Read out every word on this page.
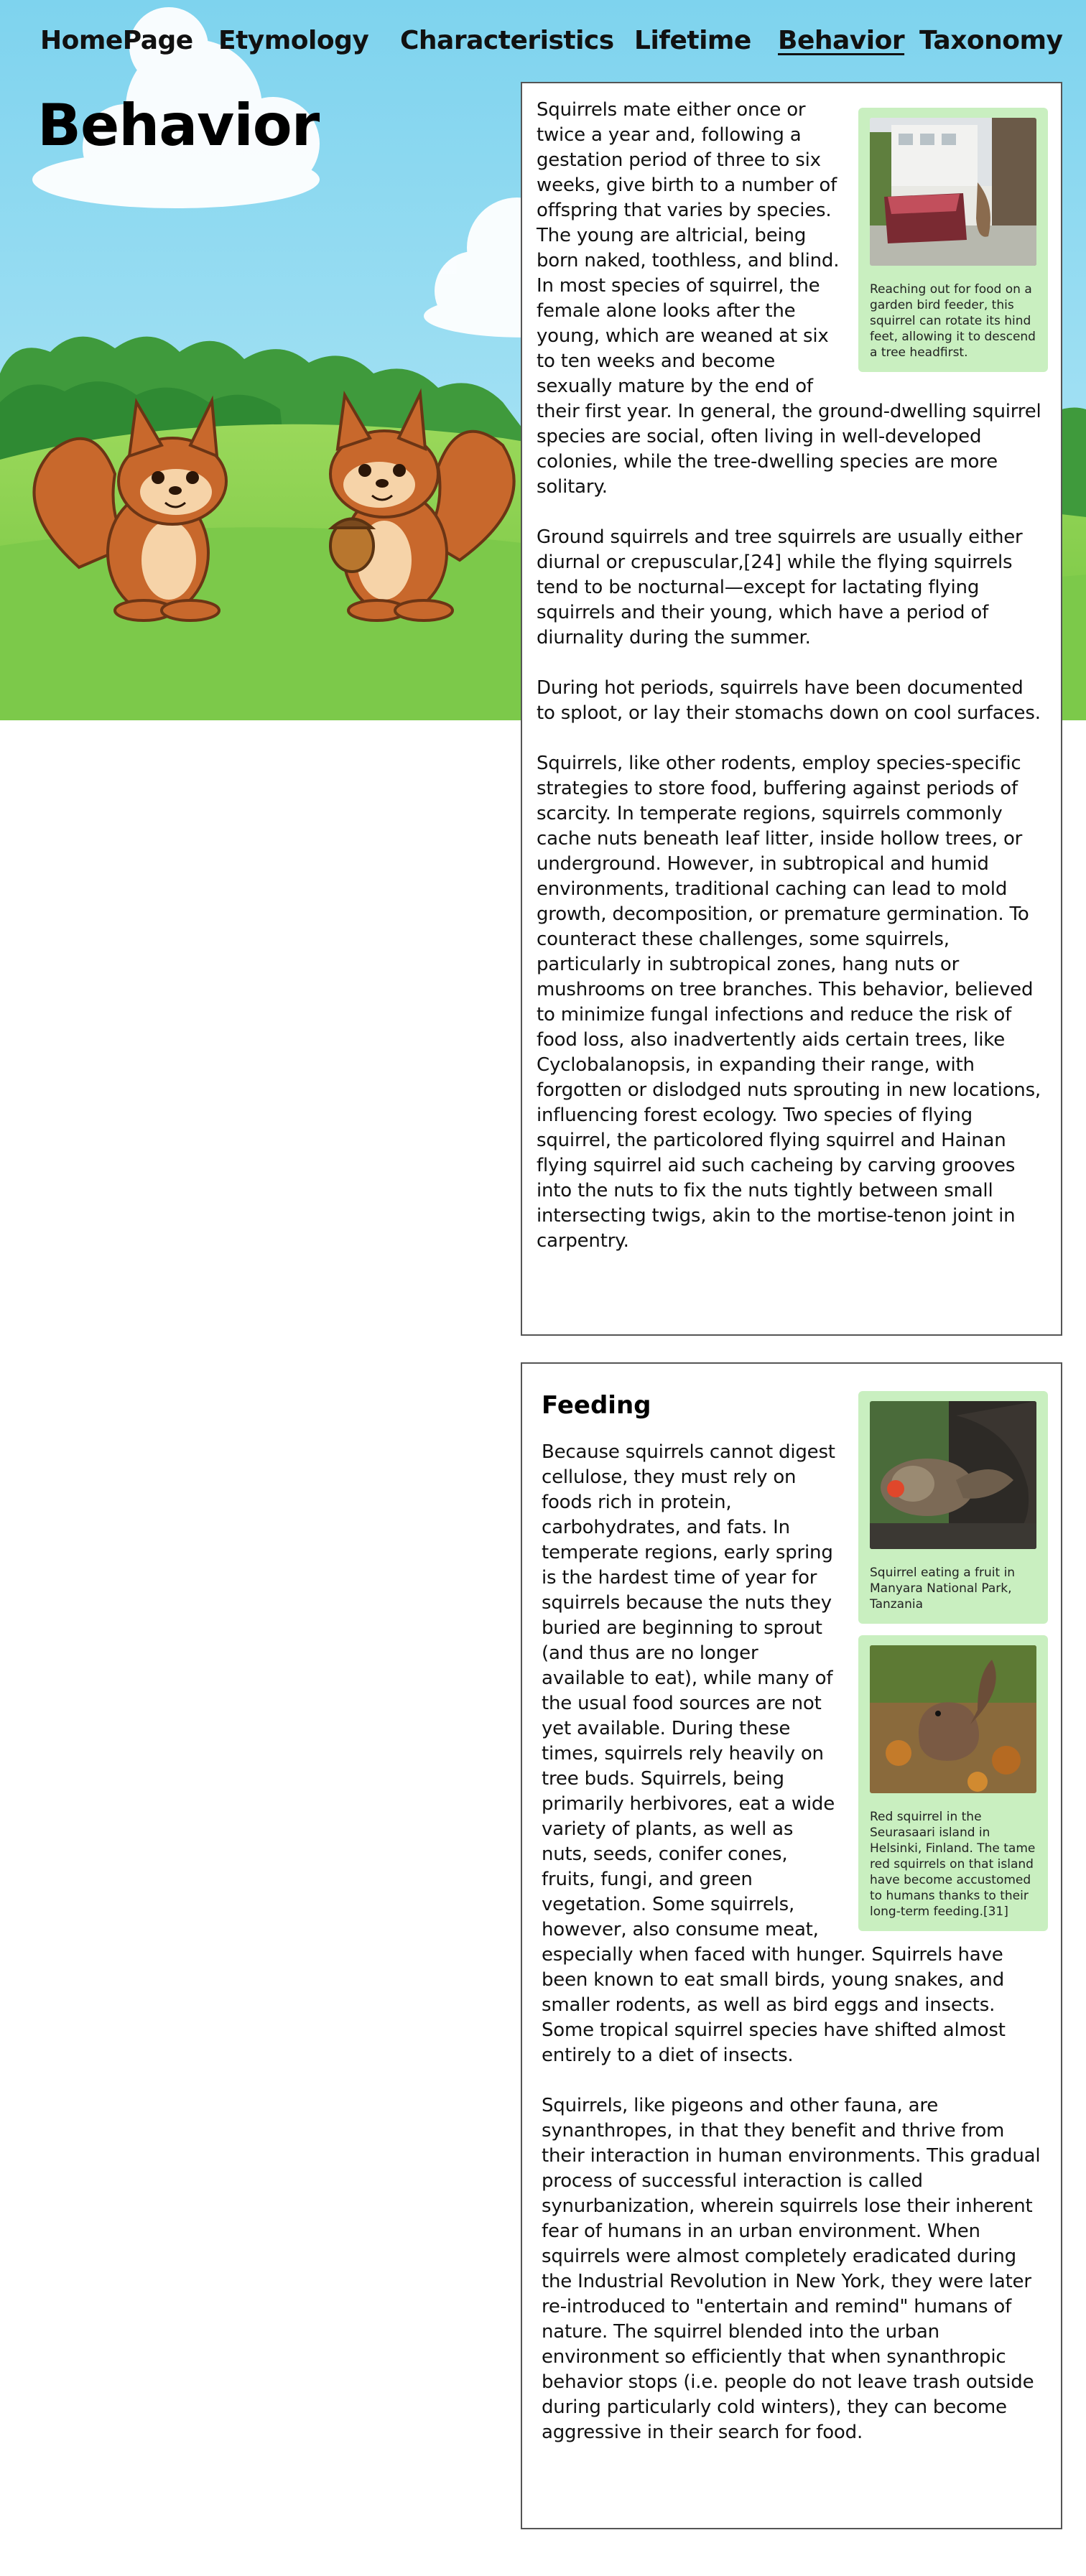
HomePage Etymology Characteristics Lifetime Behavior Taxonomy
Behavior
Reaching out for food on a garden bird feeder, this squirrel can rotate its hind feet, allowing it to descend a tree headfirst.

Squirrels mate either once or twice a year and, following a gestation period of three to six weeks, give birth to a number of offspring that varies by species. The young are altricial, being born naked, toothless, and blind. In most species of squirrel, the female alone looks after the young, which are weaned at six to ten weeks and become sexually mature by the end of their first year. In general, the ground-dwelling squirrel species are social, often living in well-developed colonies, while the tree-dwelling species are more solitary.

Ground squirrels and tree squirrels are usually either diurnal or crepuscular,[24] while the flying squirrels tend to be nocturnal—except for lactating flying squirrels and their young, which have a period of diurnality during the summer.

During hot periods, squirrels have been documented to sploot, or lay their stomachs down on cool surfaces.

Squirrels, like other rodents, employ species-specific strategies to store food, buffering against periods of scarcity. In temperate regions, squirrels commonly cache nuts beneath leaf litter, inside hollow trees, or underground. However, in subtropical and humid environments, traditional caching can lead to mold growth, decomposition, or premature germination. To counteract these challenges, some squirrels, particularly in subtropical zones, hang nuts or mushrooms on tree branches. This behavior, believed to minimize fungal infections and reduce the risk of food loss, also inadvertently aids certain trees, like Cyclobalanopsis, in expanding their range, with forgotten or dislodged nuts sprouting in new locations, influencing forest ecology. Two species of flying squirrel, the particolored flying squirrel and Hainan flying squirrel aid such cacheing by carving grooves into the nuts to fix the nuts tightly between small intersecting twigs, akin to the mortise-tenon joint in carpentry.

Squirrel eating a fruit in Manyara National Park, Tanzania
Red squirrel in the Seurasaari island in Helsinki, Finland. The tame red squirrels on that island have become accustomed to humans thanks to their long-term feeding.[31]
Feeding

Because squirrels cannot digest cellulose, they must rely on foods rich in protein, carbohydrates, and fats. In temperate regions, early spring is the hardest time of year for squirrels because the nuts they buried are beginning to sprout (and thus are no longer available to eat), while many of the usual food sources are not yet available. During these times, squirrels rely heavily on tree buds. Squirrels, being primarily herbivores, eat a wide variety of plants, as well as nuts, seeds, conifer cones, fruits, fungi, and green vegetation. Some squirrels, however, also consume meat, especially when faced with hunger. Squirrels have been known to eat small birds, young snakes, and smaller rodents, as well as bird eggs and insects. Some tropical squirrel species have shifted almost entirely to a diet of insects.

Squirrels, like pigeons and other fauna, are synanthropes, in that they benefit and thrive from their interaction in human environments. This gradual process of successful interaction is called synurbanization, wherein squirrels lose their inherent fear of humans in an urban environment. When squirrels were almost completely eradicated during the Industrial Revolution in New York, they were later re-introduced to "entertain and remind" humans of nature. The squirrel blended into the urban environment so efficiently that when synanthropic behavior stops (i.e. people do not leave trash outside during particularly cold winters), they can become aggressive in their search for food.
